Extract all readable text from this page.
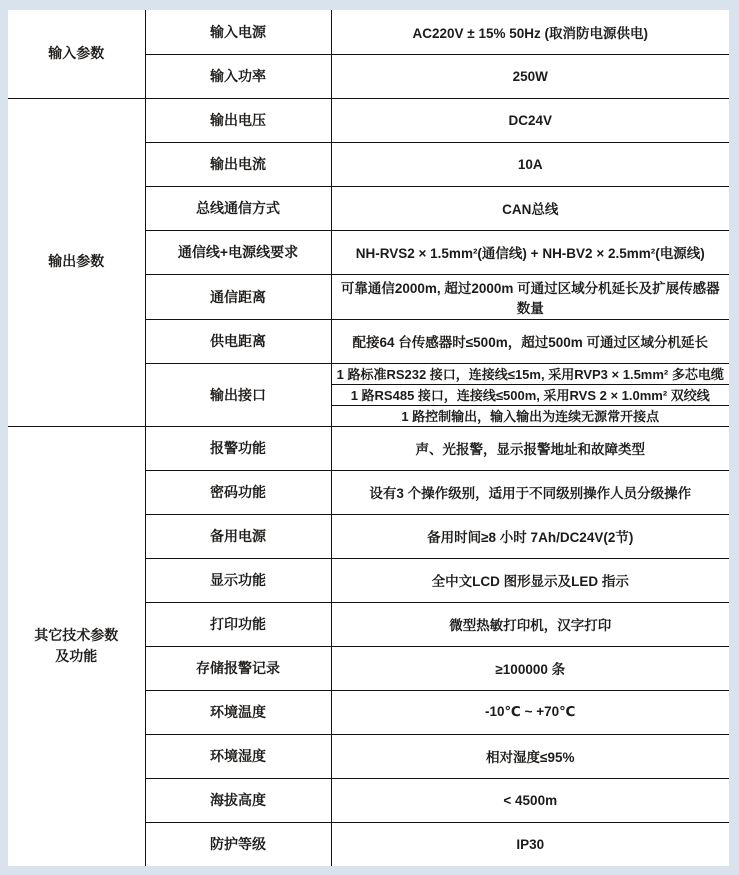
输入参数	输入电源	AC220V ± 15% 50Hz (取消防电源供电)
	输入功率	250W

输出参数	输出电压	DC24V
	输出电流	10A
	总线通信方式	CAN总线
	通信线+电源线要求	NH-RVS2 × 1.5mm²(通信线) + NH-BV2 × 2.5mm²(电源线)
	通信距离	可靠通信2000m, 超过2000m 可通过区域分机延长及扩展传感器数量
	供电距离	配接64 台传感器时≤500m，超过500m 可通过区域分机延长
	输出接口	1 路标准RS232 接口，连接线≤15m, 采用RVP3 × 1.5mm² 多芯电缆
		1 路RS485 接口，连接线≤500m, 采用RVS 2 × 1.0mm² 双绞线
		1 路控制输出，输入输出为连续无源常开接点

其它技术参数
及功能	报警功能	声、光报警，显示报警地址和故障类型
	密码功能	设有3 个操作级别，适用于不同级别操作人员分级操作
	备用电源	备用时间≥8 小时 7Ah/DC24V(2节)
	显示功能	全中文LCD 图形显示及LED 指示
	打印功能	微型热敏打印机，汉字打印
	存储报警记录	≥100000 条
	环境温度	-10℃ ~ +70℃
	环境湿度	相对湿度≤95%
	海拔高度	< 4500m
	防护等级	IP30
